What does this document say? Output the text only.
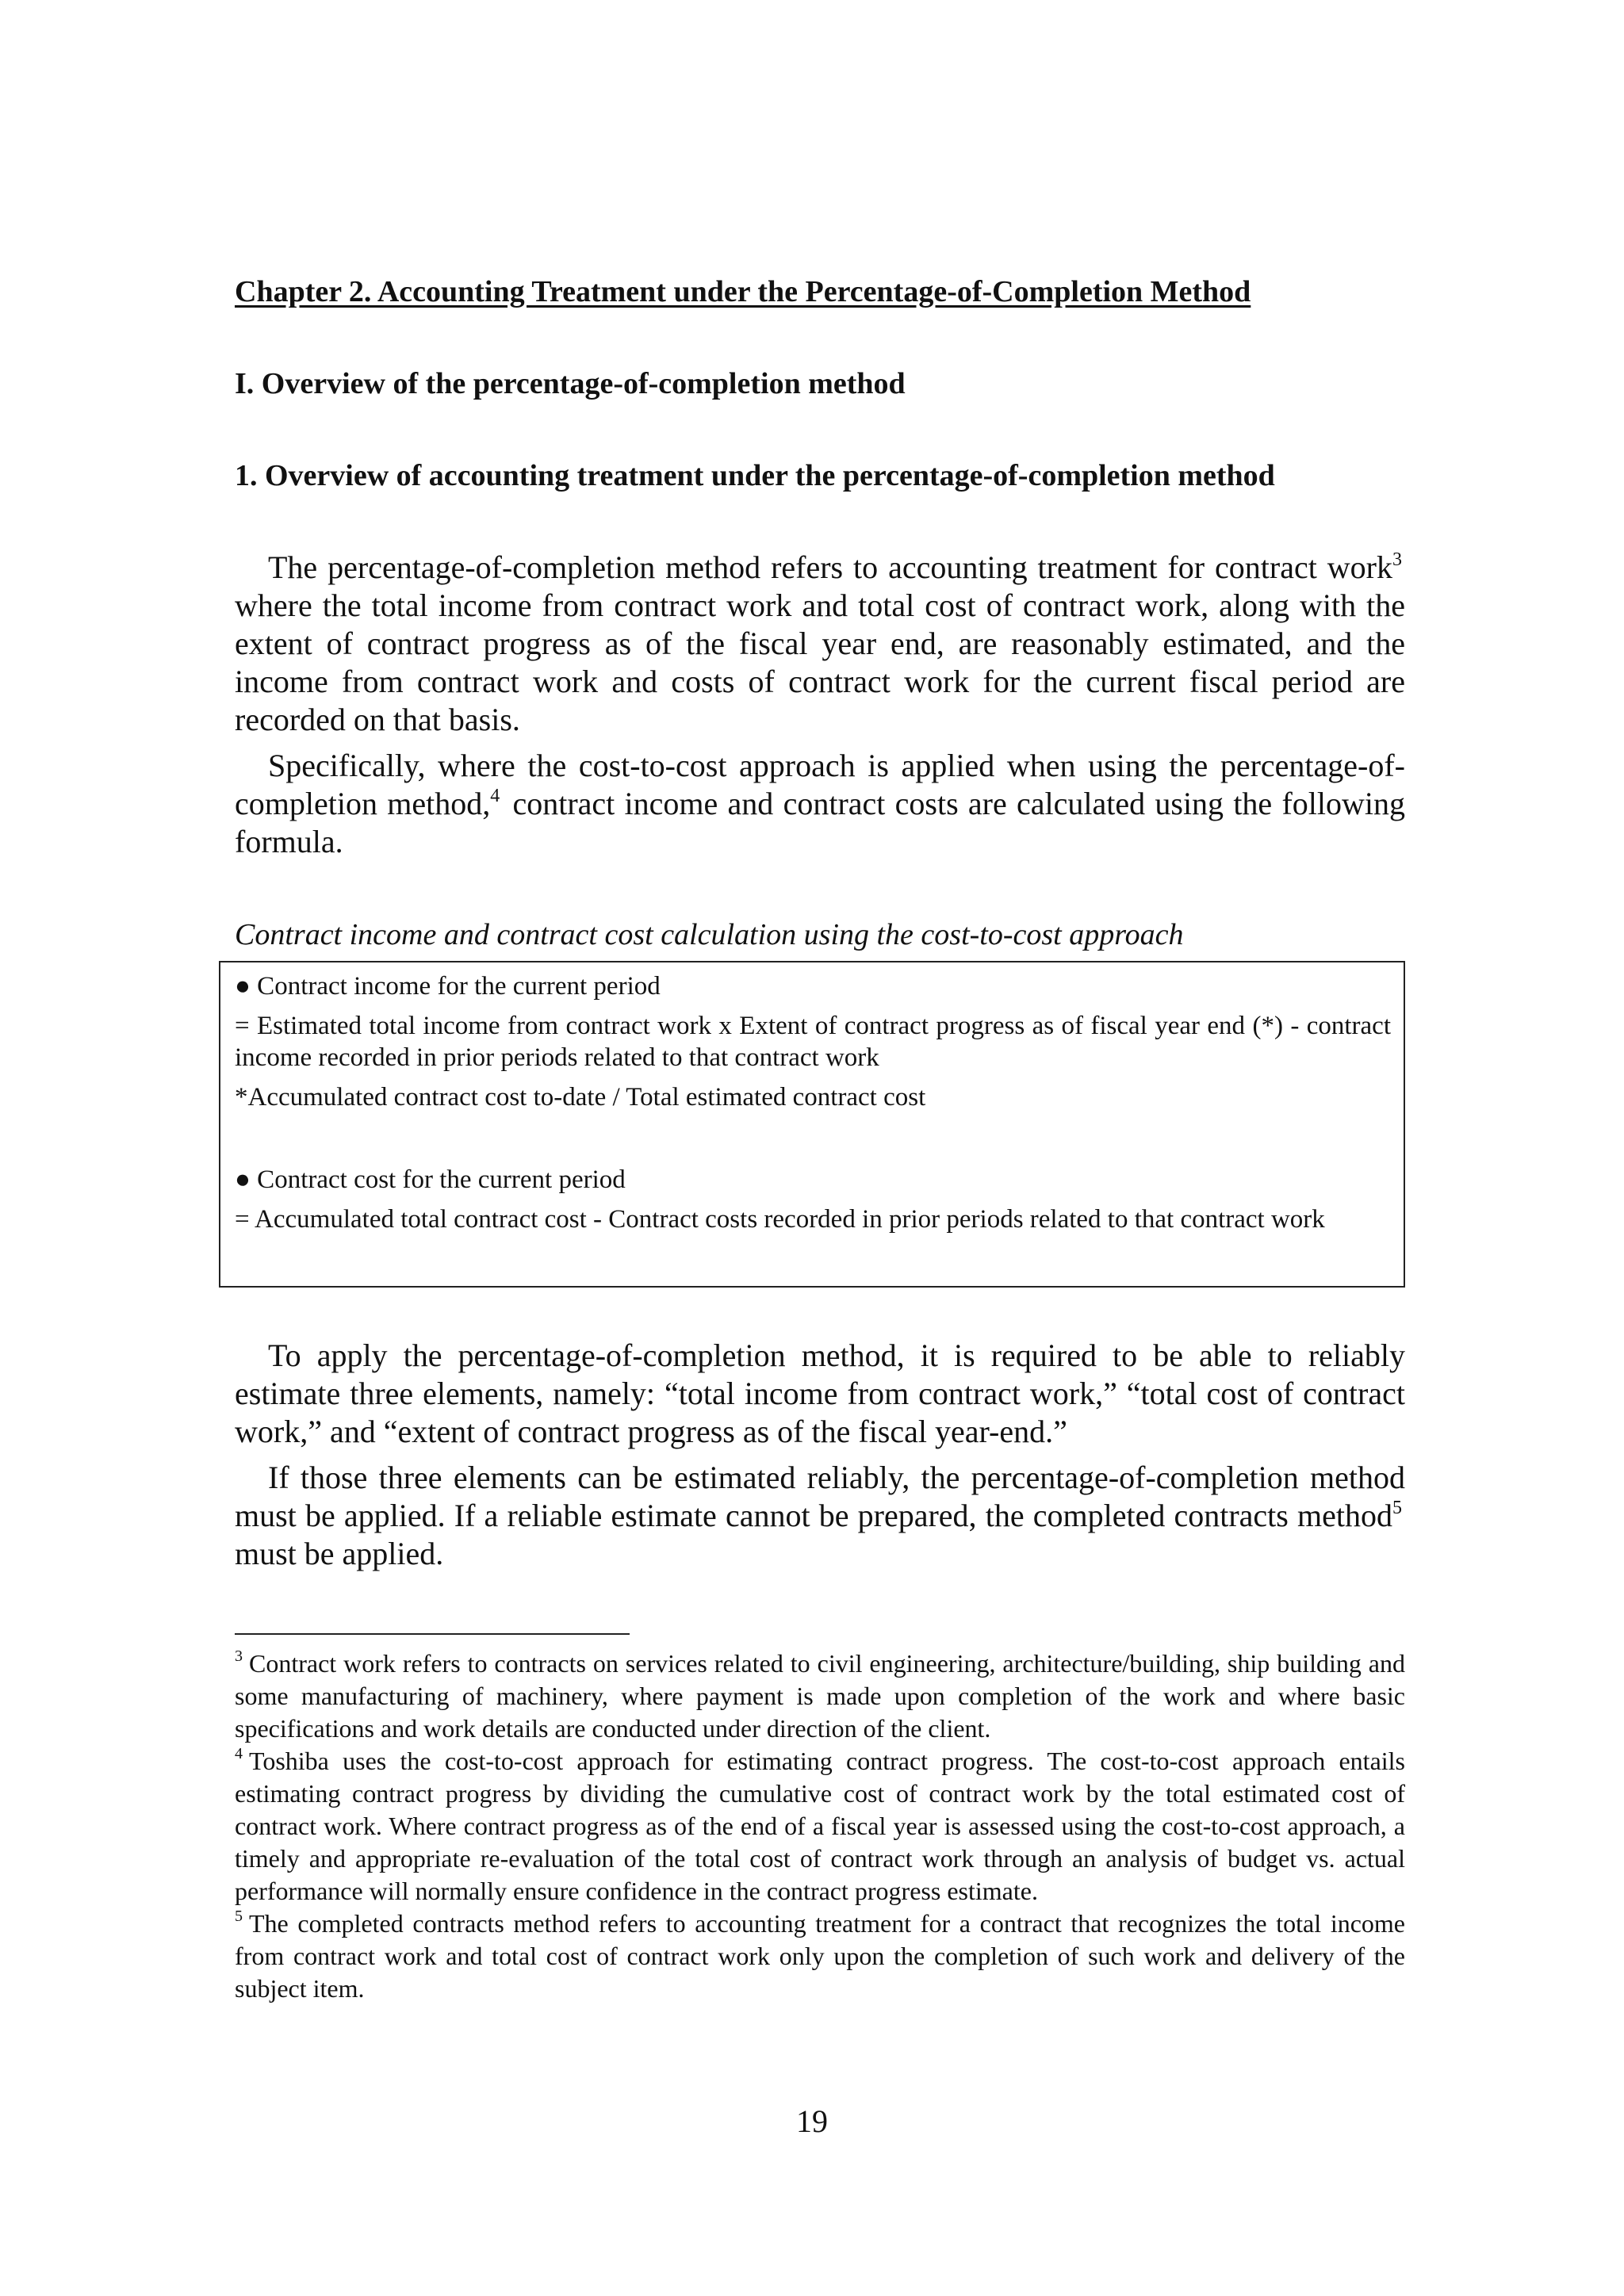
Chapter 2. Accounting Treatment under the Percentage-of-Completion Method
I. Overview of the percentage-of-completion method
1. Overview of accounting treatment under the percentage-of-completion method

The percentage-of-completion method refers to accounting treatment for contract work$^3$ where the total income from contract work and total cost of contract work, along with the extent of contract progress as of the fiscal year end, are reasonably estimated, and the income from contract work and costs of contract work for the current fiscal period are recorded on that basis.

Specifically, where the cost-to-cost approach is applied when using the percentage-of-completion method,$^4$ contract income and contract costs are calculated using the following formula.

Contract income and contract cost calculation using the cost-to-cost approach

● Contract income for the current period

= Estimated total income from contract work x Extent of contract progress as of fiscal year end (*) - contract income recorded in prior periods related to that contract work

*Accumulated contract cost to-date / Total estimated contract cost

● Contract cost for the current period

= Accumulated total contract cost - Contract costs recorded in prior periods related to that contract work

To apply the percentage-of-completion method, it is required to be able to reliably estimate three elements, namely: “total income from contract work,” “total cost of contract work,” and “extent of contract progress as of the fiscal year-end.”

If those three elements can be estimated reliably, the percentage-of-completion method must be applied. If a reliable estimate cannot be prepared, the completed contracts method$^5$ must be applied.

$^3$ Contract work refers to contracts on services related to civil engineering, architecture/building, ship building and some manufacturing of machinery, where payment is made upon completion of the work and where basic specifications and work details are conducted under direction of the client.

$^4$ Toshiba uses the cost-to-cost approach for estimating contract progress. The cost-to-cost approach entails estimating contract progress by dividing the cumulative cost of contract work by the total estimated cost of contract work. Where contract progress as of the end of a fiscal year is assessed using the cost-to-cost approach, a timely and appropriate re-evaluation of the total cost of contract work through an analysis of budget vs. actual performance will normally ensure confidence in the contract progress estimate.

$^5$ The completed contracts method refers to accounting treatment for a contract that recognizes the total income from contract work and total cost of contract work only upon the completion of such work and delivery of the subject item.

19
